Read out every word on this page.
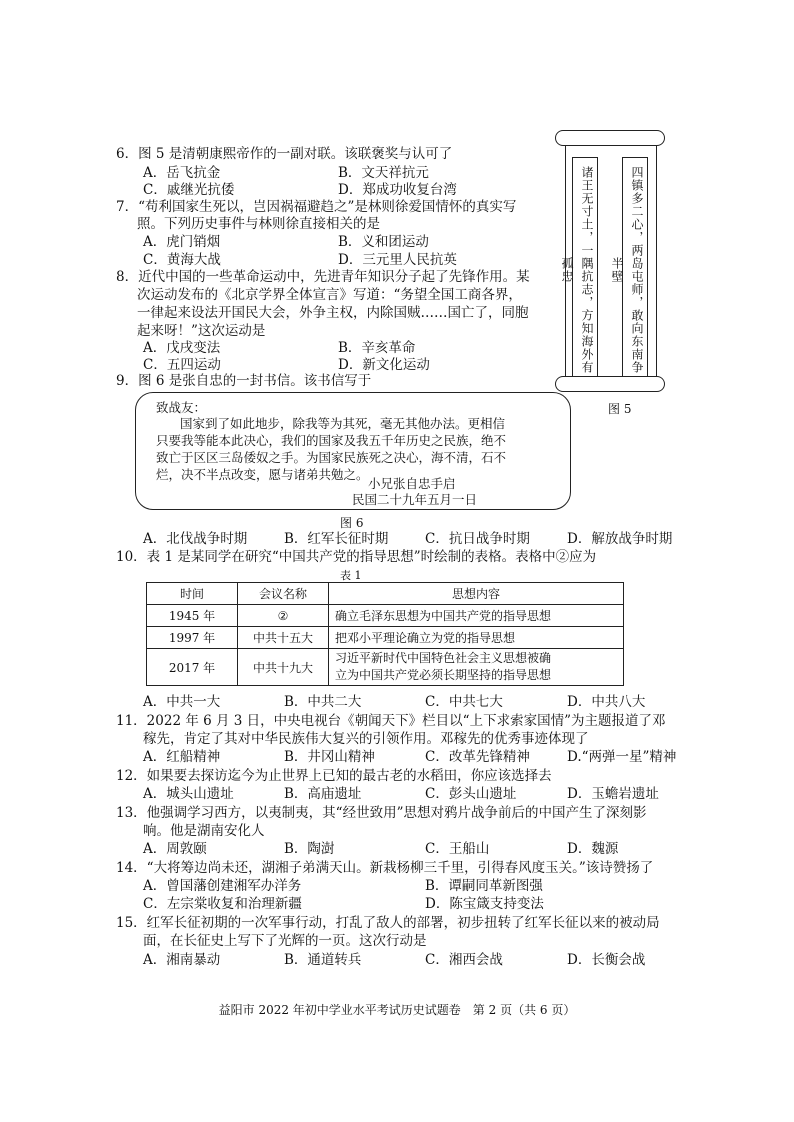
6．图 5 是清朝康熙帝作的一副对联。该联褒奖与认可了
A．岳飞抗金	B．文天祥抗元
C．戚继光抗倭	D．郑成功收复台湾
7．“苟利国家生死以，岂因祸福避趋之”是林则徐爱国情怀的真实写
照。下列历史事件与林则徐直接相关的是
A．虎门销烟	B．义和团运动
C．黄海大战	D．三元里人民抗英
8．近代中国的一些革命运动中，先进青年知识分子起了先锋作用。某
次运动发布的《北京学界全体宣言》写道：“务望全国工商各界，
一律起来设法开国民大会，外争主权，内除国贼……国亡了，同胞
起来呀！”这次运动是
A．戊戌变法	B．辛亥革命
C．五四运动	D．新文化运动	诸王无寸土，一隅抗志，方知海外有孤忠	四镇多二心，两岛屯师，敢向东南争半壁
图 5
9．图 6 是张自忠的一封书信。该书信写于
致战友：
国家到了如此地步，除我等为其死，毫无其他办法。更相信
只要我等能本此决心，我们的国家及我五千年历史之民族，绝不
致亡于区区三岛倭奴之手。为国家民族死之决心，海不清，石不
烂，决不半点改变，愿与诸弟共勉之。
小兄张自忠手启
民国二十九年五月一日
图 6
A．北伐战争时期	B．红军长征时期	C．抗日战争时期	D．解放战争时期
10．表 1 是某同学在研究“中国共产党的指导思想”时绘制的表格。表格中②应为
表 1
时间	会议名称	思想内容
1945 年	②	确立毛泽东思想为中国共产党的指导思想
1997 年	中共十五大	把邓小平理论确立为党的指导思想
2017 年	中共十九大	习近平新时代中国特色社会主义思想被确
立为中国共产党必须长期坚持的指导思想
A．中共一大	B．中共二大	C．中共七大	D．中共八大
11．2022 年 6 月 3 日，中央电视台《朝闻天下》栏目以“上下求索家国情”为主题报道了邓
稼先，肯定了其对中华民族伟大复兴的引领作用。邓稼先的优秀事迹体现了
A．红船精神	B．井冈山精神	C．改革先锋精神	D.“两弹一星”精神
12．如果要去探访迄今为止世界上已知的最古老的水稻田，你应该选择去
A．城头山遗址	B．高庙遗址	C．彭头山遗址	D．玉蟾岩遗址
13．他强调学习西方，以夷制夷，其“经世致用”思想对鸦片战争前后的中国产生了深刻影
响。他是湖南安化人
A．周敦颐	B．陶澍	C．王船山	D．魏源
14．“大将筹边尚未还，湖湘子弟满天山。新栽杨柳三千里，引得春风度玉关。”该诗赞扬了
A．曾国藩创建湘军办洋务	B．谭嗣同革新图强
C．左宗棠收复和治理新疆	D．陈宝箴支持变法
15．红军长征初期的一次军事行动，打乱了敌人的部署，初步扭转了红军长征以来的被动局
面，在长征史上写下了光辉的一页。这次行动是
A．湘南暴动	B．通道转兵	C．湘西会战	D．长衡会战
益阳市 2022 年初中学业水平考试历史试题卷　第 2 页（共 6 页）
